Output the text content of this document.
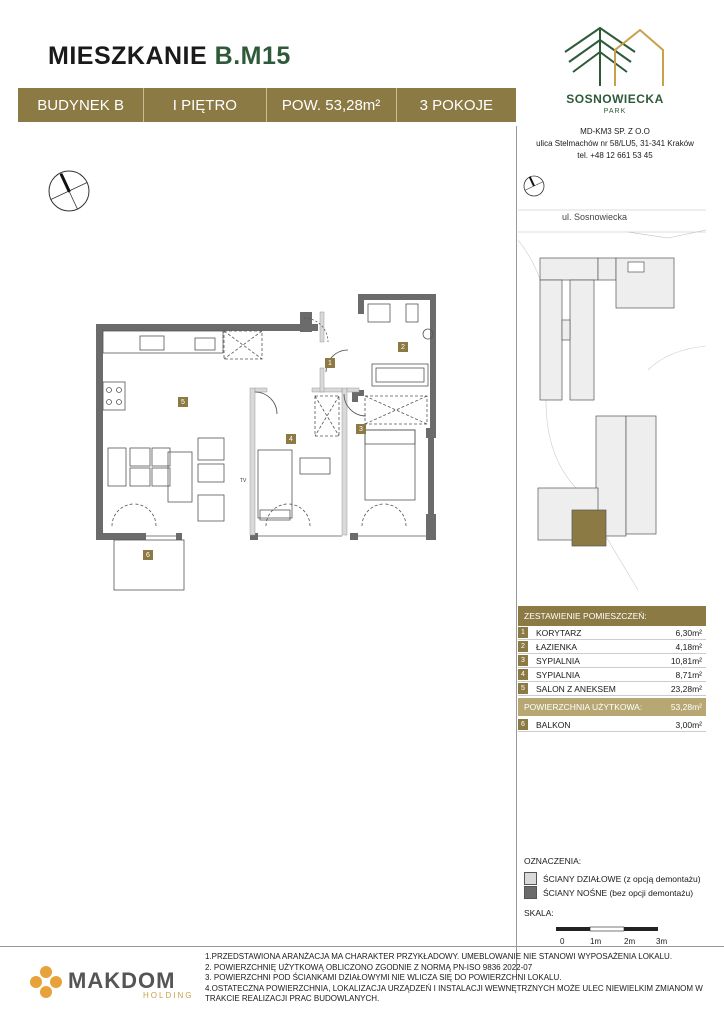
MIESZKANIE B.M15
BUDYNEK B	I PIĘTRO	POW. 53,28m²	3 POKOJE	SOSNOWIECKA
PARK
MD-KM3 SP. Z O.O
ulica Stelmachów nr 58/LU5, 31-341 Kraków
tel. +48 12 661 53 45
ul. Sosnowiecka
TV
1
2
3
4
5
6
ZESTAWIENIE POMIESZCZEŃ:
1	KORYTARZ	6,30m²
2	ŁAZIENKA	4,18m²
3	SYPIALNIA	10,81m²
4	SYPIALNIA	8,71m²
5	SALON Z ANEKSEM	23,28m²
POWIERZCHNIA UŻYTKOWA:	53,28m²
6	BALKON	3,00m²
OZNACZENIA:
ŚCIANY DZIAŁOWE (z opcją demontażu)
ŚCIANY NOŚNE (bez opcji demontażu)
SKALA:
0	1m	2m	3m
1.PRZEDSTAWIONA ARANŻACJA MA CHARAKTER PRZYKŁADOWY. UMEBLOWANIE NIE STANOWI WYPOSAŻENIA LOKALU.
2. POWIERZCHNIĘ UŻYTKOWĄ OBLICZONO ZGODNIE Z NORMĄ PN-ISO 9836 2022-07
3. POWIERZCHNI POD ŚCIANKAMI DZIAŁOWYMI NIE WLICZA SIĘ DO POWIERZCHNI LOKALU.
4.OSTATECZNA POWIERZCHNIA, LOKALIZACJA URZĄDZEŃ I INSTALACJI WEWNĘTRZNYCH MOŻE ULEC NIEWIELKIM ZMIANOM W TRAKCIE REALIZACJI PRAC BUDOWLANYCH.
MAKDOM
HOLDING
